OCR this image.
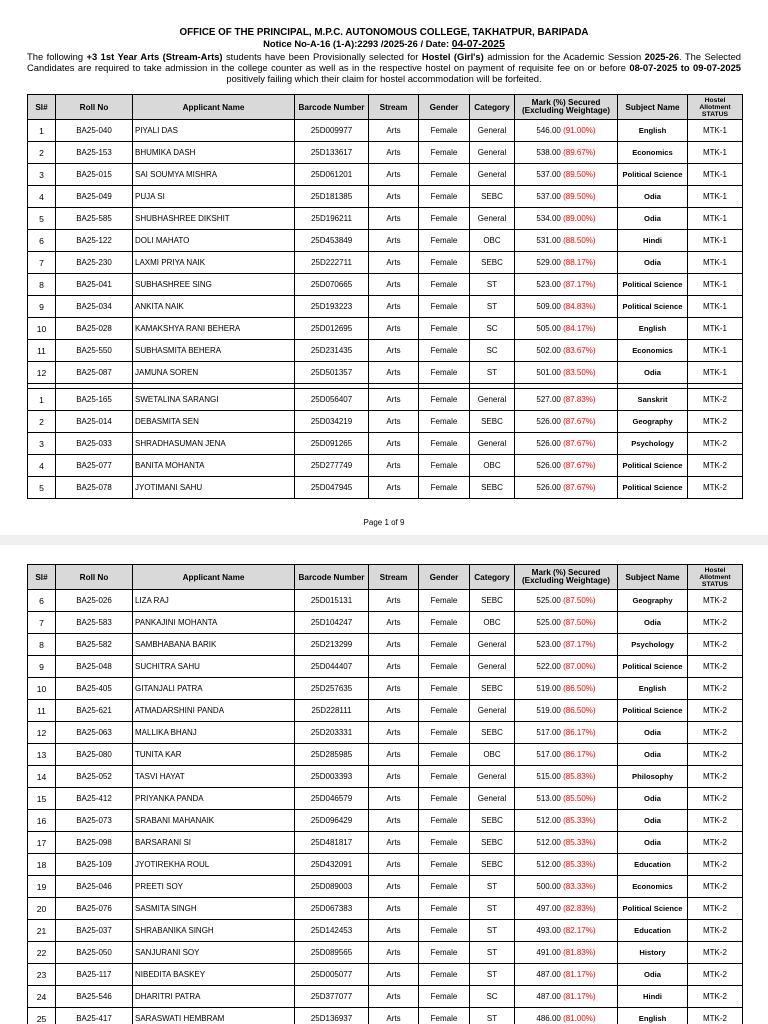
OFFICE OF THE PRINCIPAL, M.P.C. AUTONOMOUS COLLEGE, TAKHATPUR, BARIPADA
Notice No-A-16 (1-A):2293 /2025-26 / Date: 04-07-2025
The following +3 1st Year Arts (Stream-Arts) students have been Provisionally selected for Hostel (Girl's) admission for the Academic Session 2025-26. The Selected Candidates are required to take admission in the college counter as well as in the respective hostel on payment of requisite fee on or before 08-07-2025 to 09-07-2025 positively failing which their claim for hostel accommodation will be forfeited.
Sl#	Roll No	Applicant Name	Barcode Number	Stream	Gender	Category	Mark (%) Secured (Excluding Weightage)	Subject Name	Hostel Allotment STATUS
1	BA25-040	PIYALI DAS	25D009977	Arts	Female	General	546.00 (91.00%)	English	MTK-1
2	BA25-153	BHUMIKA DASH	25D133617	Arts	Female	General	538.00 (89.67%)	Economics	MTK-1
3	BA25-015	SAI SOUMYA MISHRA	25D061201	Arts	Female	General	537.00 (89.50%)	Political Science	MTK-1
4	BA25-049	PUJA SI	25D181385	Arts	Female	SEBC	537.00 (89.50%)	Odia	MTK-1
5	BA25-585	SHUBHASHREE DIKSHIT	25D196211	Arts	Female	General	534.00 (89.00%)	Odia	MTK-1
6	BA25-122	DOLI MAHATO	25D453849	Arts	Female	OBC	531.00 (88.50%)	Hindi	MTK-1
7	BA25-230	LAXMI PRIYA NAIK	25D222711	Arts	Female	SEBC	529.00 (88.17%)	Odia	MTK-1
8	BA25-041	SUBHASHREE SING	25D070665	Arts	Female	ST	523.00 (87.17%)	Political Science	MTK-1
9	BA25-034	ANKITA NAIK	25D193223	Arts	Female	ST	509.00 (84.83%)	Political Science	MTK-1
10	BA25-028	KAMAKSHYA RANI BEHERA	25D012695	Arts	Female	SC	505.00 (84.17%)	English	MTK-1
11	BA25-550	SUBHASMITA BEHERA	25D231435	Arts	Female	SC	502.00 (83.67%)	Economics	MTK-1
12	BA25-087	JAMUNA SOREN	25D501357	Arts	Female	ST	501.00 (83.50%)	Odia	MTK-1

1	BA25-165	SWETALINA SARANGI	25D056407	Arts	Female	General	527.00 (87.83%)	Sanskrit	MTK-2
2	BA25-014	DEBASMITA SEN	25D034219	Arts	Female	SEBC	526.00 (87.67%)	Geography	MTK-2
3	BA25-033	SHRADHASUMAN JENA	25D091265	Arts	Female	General	526.00 (87.67%)	Psychology	MTK-2
4	BA25-077	BANITA MOHANTA	25D277749	Arts	Female	OBC	526.00 (87.67%)	Political Science	MTK-2
5	BA25-078	JYOTIMANI SAHU	25D047945	Arts	Female	SEBC	526.00 (87.67%)	Political Science	MTK-2
Page 1 of 9
Sl#	Roll No	Applicant Name	Barcode Number	Stream	Gender	Category	Mark (%) Secured (Excluding Weightage)	Subject Name	Hostel Allotment STATUS
6	BA25-026	LIZA RAJ	25D015131	Arts	Female	SEBC	525.00 (87.50%)	Geography	MTK-2
7	BA25-583	PANKAJINI MOHANTA	25D104247	Arts	Female	OBC	525.00 (87.50%)	Odia	MTK-2
8	BA25-582	SAMBHABANA BARIK	25D213299	Arts	Female	General	523.00 (87.17%)	Psychology	MTK-2
9	BA25-048	SUCHITRA SAHU	25D044407	Arts	Female	General	522.00 (87.00%)	Political Science	MTK-2
10	BA25-405	GITANJALI PATRA	25D257635	Arts	Female	SEBC	519.00 (86.50%)	English	MTK-2
11	BA25-621	ATMADARSHINI PANDA	25D228111	Arts	Female	General	519.00 (86.50%)	Political Science	MTK-2
12	BA25-063	MALLIKA BHANJ	25D203331	Arts	Female	SEBC	517.00 (86.17%)	Odia	MTK-2
13	BA25-080	TUNITA KAR	25D285985	Arts	Female	OBC	517.00 (86.17%)	Odia	MTK-2
14	BA25-052	TASVI HAYAT	25D003393	Arts	Female	General	515.00 (85.83%)	Philosophy	MTK-2
15	BA25-412	PRIYANKA PANDA	25D046579	Arts	Female	General	513.00 (85.50%)	Odia	MTK-2
16	BA25-073	SRABANI MAHANAIK	25D096429	Arts	Female	SEBC	512.00 (85.33%)	Odia	MTK-2
17	BA25-098	BARSARANI SI	25D481817	Arts	Female	SEBC	512.00 (85.33%)	Odia	MTK-2
18	BA25-109	JYOTIREKHA ROUL	25D432091	Arts	Female	SEBC	512.00 (85.33%)	Education	MTK-2
19	BA25-046	PREETI SOY	25D089003	Arts	Female	ST	500.00 (83.33%)	Economics	MTK-2
20	BA25-076	SASMITA SINGH	25D067383	Arts	Female	ST	497.00 (82.83%)	Political Science	MTK-2
21	BA25-037	SHRABANIKA SINGH	25D142453	Arts	Female	ST	493.00 (82.17%)	Education	MTK-2
22	BA25-050	SANJURANI SOY	25D089565	Arts	Female	ST	491.00 (81.83%)	History	MTK-2
23	BA25-117	NIBEDITA BASKEY	25D005077	Arts	Female	ST	487.00 (81.17%)	Odia	MTK-2
24	BA25-546	DHARITRI PATRA	25D377077	Arts	Female	SC	487.00 (81.17%)	Hindi	MTK-2
25	BA25-417	SARASWATI HEMBRAM	25D136937	Arts	Female	ST	486.00 (81.00%)	English	MTK-2
